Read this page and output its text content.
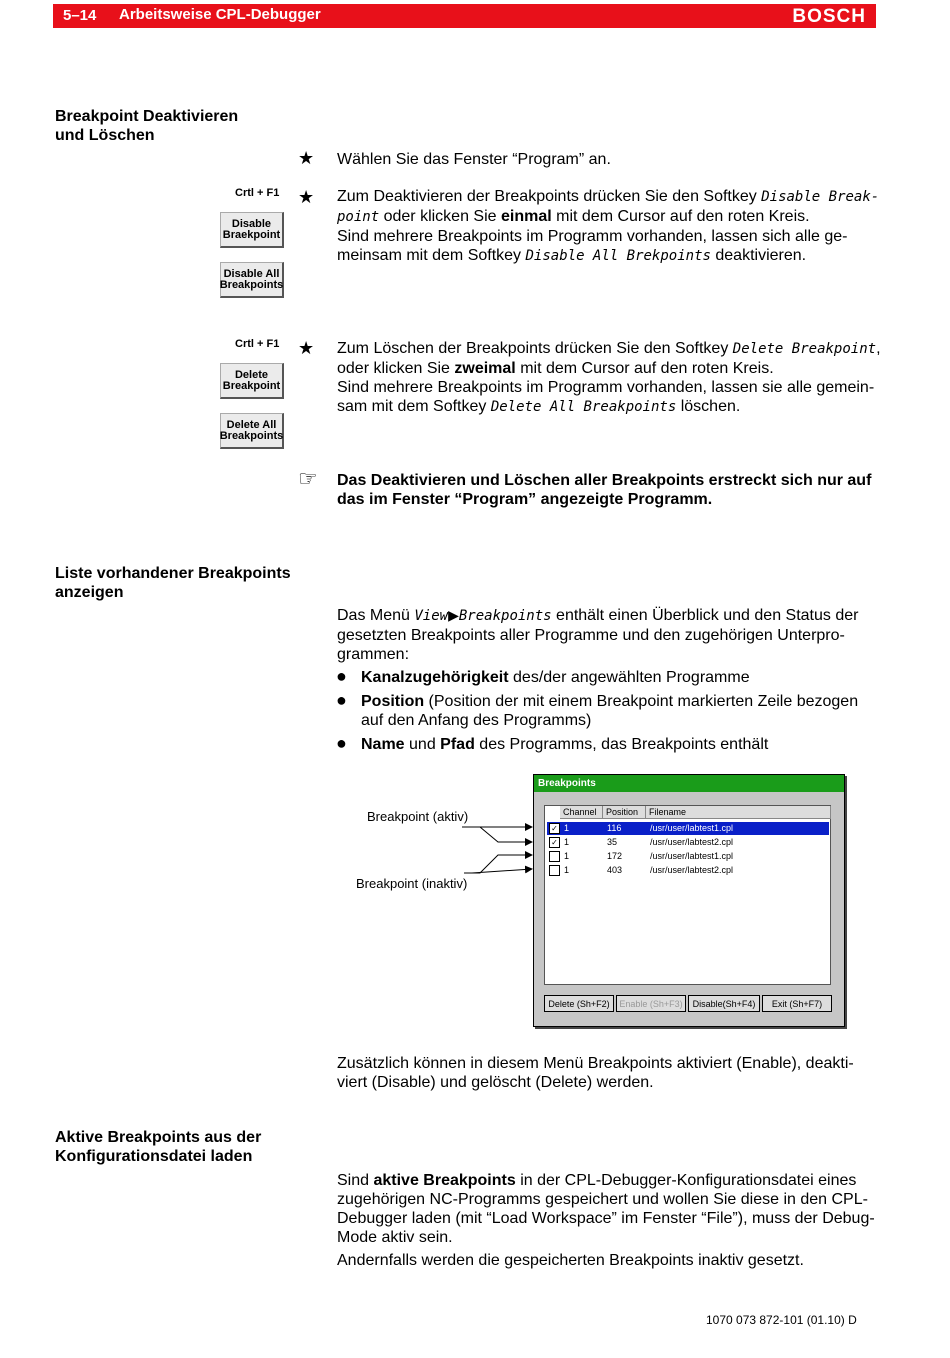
5–14 Arbeitsweise CPL-Debugger	BOSCH
Breakpoint Deaktivieren
und Löschen
★ Wählen Sie das Fenster “Program” an.
Crtl + F1
Disable
Braekpoint
Disable All
Breakpoints
★ Zum Deaktivieren der Breakpoints drücken Sie den Softkey Disable Break-
point oder klicken Sie einmal mit dem Cursor auf den roten Kreis.
Sind mehrere Breakpoints im Programm vorhanden, lassen sich alle ge-
meinsam mit dem Softkey Disable All Brekpoints deaktivieren.
Crtl + F1
Delete
Breakpoint
Delete All
Breakpoints
★ Zum Löschen der Breakpoints drücken Sie den Softkey Delete Breakpoint,
oder klicken Sie zweimal mit dem Cursor auf den roten Kreis.
Sind mehrere Breakpoints im Programm vorhanden, lassen sie alle gemein-
sam mit dem Softkey Delete All Breakpoints löschen.
☞ Das Deaktivieren und Löschen aller Breakpoints erstreckt sich nur auf
das im Fenster “Program” angezeigte Programm.
Liste vorhandener Breakpoints
anzeigen
Das Menü View▶Breakpoints enthält einen Überblick und den Status der
gesetzten Breakpoints aller Programme und den zugehörigen Unterpro-
grammen:
● Kanalzugehörigkeit des/der angewählten Programme
● Position (Position der mit einem Breakpoint markierten Zeile bezogen
auf den Anfang des Programms)
● Name und Pfad des Programms, das Breakpoints enthält
Breakpoint (aktiv)
Breakpoint (inaktiv)
Breakpoints
Channel	Position	Filename
✓ 1	116	/usr/user/labtest1.cpl
✓ 1	35	/usr/user/labtest2.cpl
1	172	/usr/user/labtest1.cpl
1	403	/usr/user/labtest2.cpl
Delete (Sh+F2)	Enable (Sh+F3)	Disable(Sh+F4)	Exit (Sh+F7)
Zusätzlich können in diesem Menü Breakpoints aktiviert (Enable), deakti-
viert (Disable) und gelöscht (Delete) werden.
Aktive Breakpoints aus der
Konfigurationsdatei laden
Sind aktive Breakpoints in der CPL-Debugger-Konfigurationsdatei eines
zugehörigen NC-Programms gespeichert und wollen Sie diese in den CPL-
Debugger laden (mit “Load Workspace” im Fenster “File”), muss der Debug-
Mode aktiv sein.
Andernfalls werden die gespeicherten Breakpoints inaktiv gesetzt.
1070 073 872-101 (01.10) D
